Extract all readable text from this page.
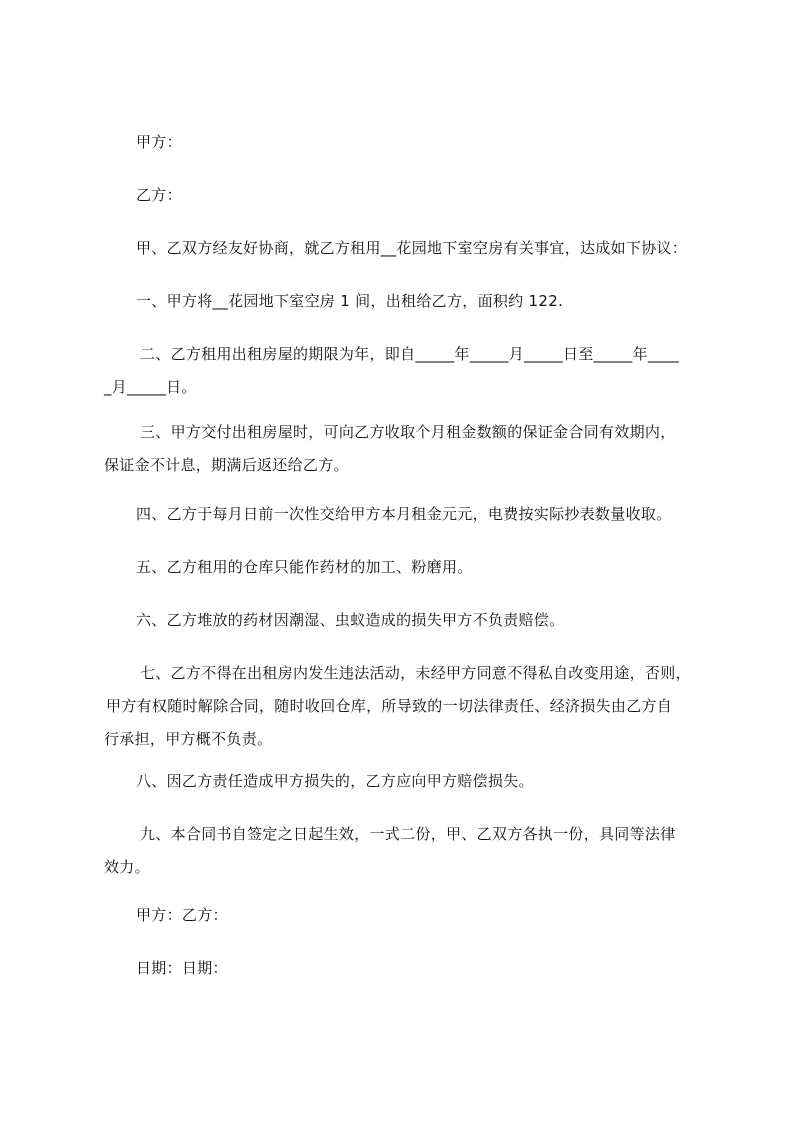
甲方：
乙方：
甲、乙双方经友好协商，就乙方租用__花园地下室空房有关事宜，达成如下协议：
一、甲方将__花园地下室空房 1 间，出租给乙方，面积约 122.
二、乙方租用出租房屋的期限为年，即自_____年_____月_____日至_____年____
_月_____日。
三、甲方交付出租房屋时，可向乙方收取个月租金数额的保证金合同有效期内，
保证金不计息，期满后返还给乙方。
四、乙方于每月日前一次性交给甲方本月租金元元，电费按实际抄表数量收取。
五、乙方租用的仓库只能作药材的加工、粉磨用。
六、乙方堆放的药材因潮湿、虫蚁造成的损失甲方不负责赔偿。
七、乙方不得在出租房内发生违法活动，未经甲方同意不得私自改变用途，否则，
甲方有权随时解除合同，随时收回仓库，所导致的一切法律责任、经济损失由乙方自
行承担，甲方概不负责。
八、因乙方责任造成甲方损失的，乙方应向甲方赔偿损失。
九、本合同书自签定之日起生效，一式二份，甲、乙双方各执一份，具同等法律
效力。
甲方：乙方：
日期：日期：
